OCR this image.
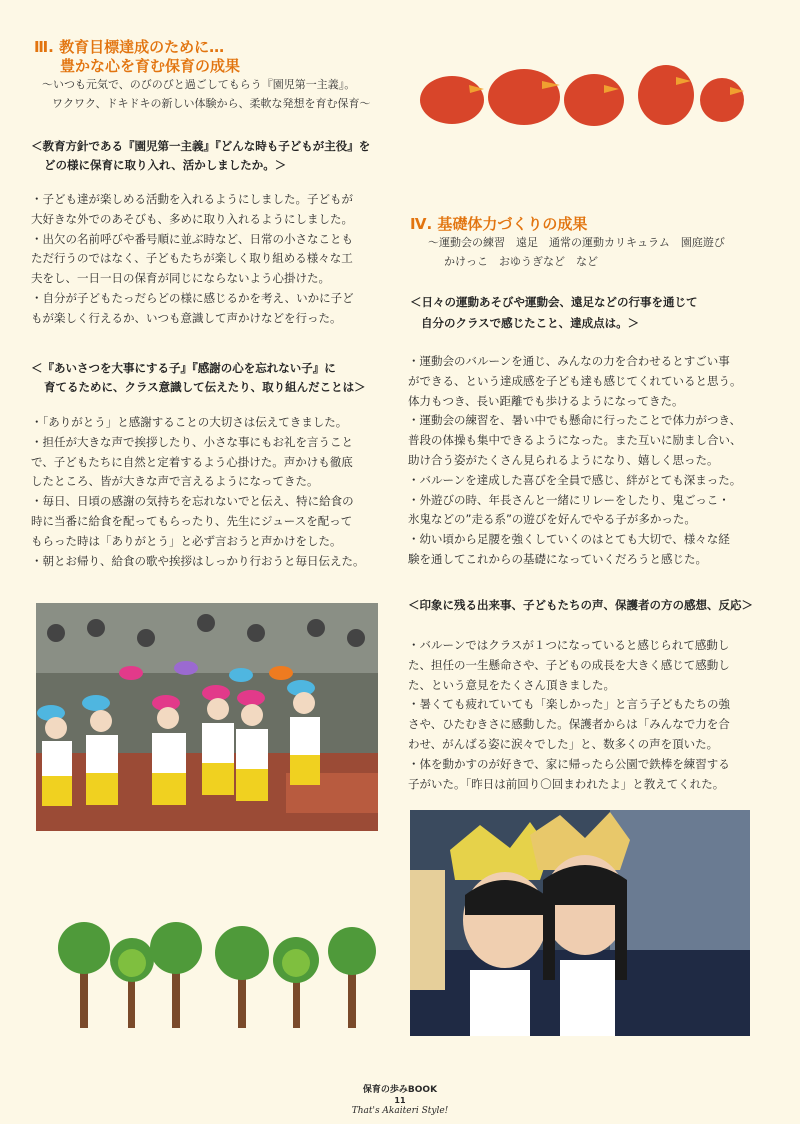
Ⅲ. 教育目標達成のために…
豊かな心を育む保育の成果
～いつも元気で、のびのびと過ごしてもらう『園児第一主義』。
ワクワク、ドキドキの新しい体験から、柔軟な発想を育む保育～
＜教育方針である『園児第一主義』『どんな時も子どもが主役』を
どの様に保育に取り入れ、活かしましたか。＞

・子ども達が楽しめる活動を入れるようにしました。子どもが
大好きな外でのあそびも、多めに取り入れるようにしました。

・出欠の名前呼びや番号順に並ぶ時など、日常の小さなことも
ただ行うのではなく、子どもたちが楽しく取り組める様々な工
夫をし、一日一日の保育が同じにならないよう心掛けた。

・自分が子どもたっだらどの様に感じるかを考え、いかに子ど
もが楽しく行えるか、いつも意識して声かけなどを行った。

＜『あいさつを大事にする子』『感謝の心を忘れない子』に
育てるために、クラス意識して伝えたり、取り組んだことは＞

・「ありがとう」と感謝することの大切さは伝えてきました。

・担任が大きな声で挨拶したり、小さな事にもお礼を言うこと
で、子どもたちに自然と定着するよう心掛けた。声かけも徹底
したところ、皆が大きな声で言えるようになってきた。

・毎日、日頃の感謝の気持ちを忘れないでと伝え、特に給食の
時に当番に給食を配ってもらったり、先生にジュースを配って
もらった時は「ありがとう」と必ず言おうと声かけをした。

・朝とお帰り、給食の歌や挨拶はしっかり行おうと毎日伝えた。

Ⅳ. 基礎体力づくりの成果
～運動会の練習　遠足　通常の運動カリキュラム　園庭遊び
かけっこ　おゆうぎなど　など
＜日々の運動あそびや運動会、遠足などの行事を通じて
自分のクラスで感じたこと、達成点は。＞

・運動会のバルーンを通じ、みんなの力を合わせるとすごい事
ができる、という達成感を子ども達も感じてくれていると思う。
体力もつき、長い距離でも歩けるようになってきた。

・運動会の練習を、暑い中でも懸命に行ったことで体力がつき、
普段の体操も集中できるようになった。また互いに励まし合い、
助け合う姿がたくさん見られるようになり、嬉しく思った。

・バルーンを達成した喜びを全員で感じ、絆がとても深まった。

・外遊びの時、年長さんと一緒にリレーをしたり、鬼ごっこ・
氷鬼などの”走る系”の遊びを好んでやる子が多かった。

・幼い頃から足腰を強くしていくのはとても大切で、様々な経
験を通してこれからの基礎になっていくだろうと感じた。

＜印象に残る出来事、子どもたちの声、保護者の方の感想、反応＞

・バルーンではクラスが１つになっていると感じられて感動し
た、担任の一生懸命さや、子どもの成長を大きく感じて感動し
た、という意見をたくさん頂きました。

・暑くても疲れていても「楽しかった」と言う子どもたちの強
さや、ひたむきさに感動した。保護者からは「みんなで力を合
わせ、がんばる姿に涙々でした」と、数多くの声を頂いた。

・体を動かすのが好きで、家に帰ったら公園で鉄棒を練習する
子がいた。「昨日は前回り〇回まわれたよ」と教えてくれた。

保育の歩みBOOK
11
That's Akaiteri Style!
